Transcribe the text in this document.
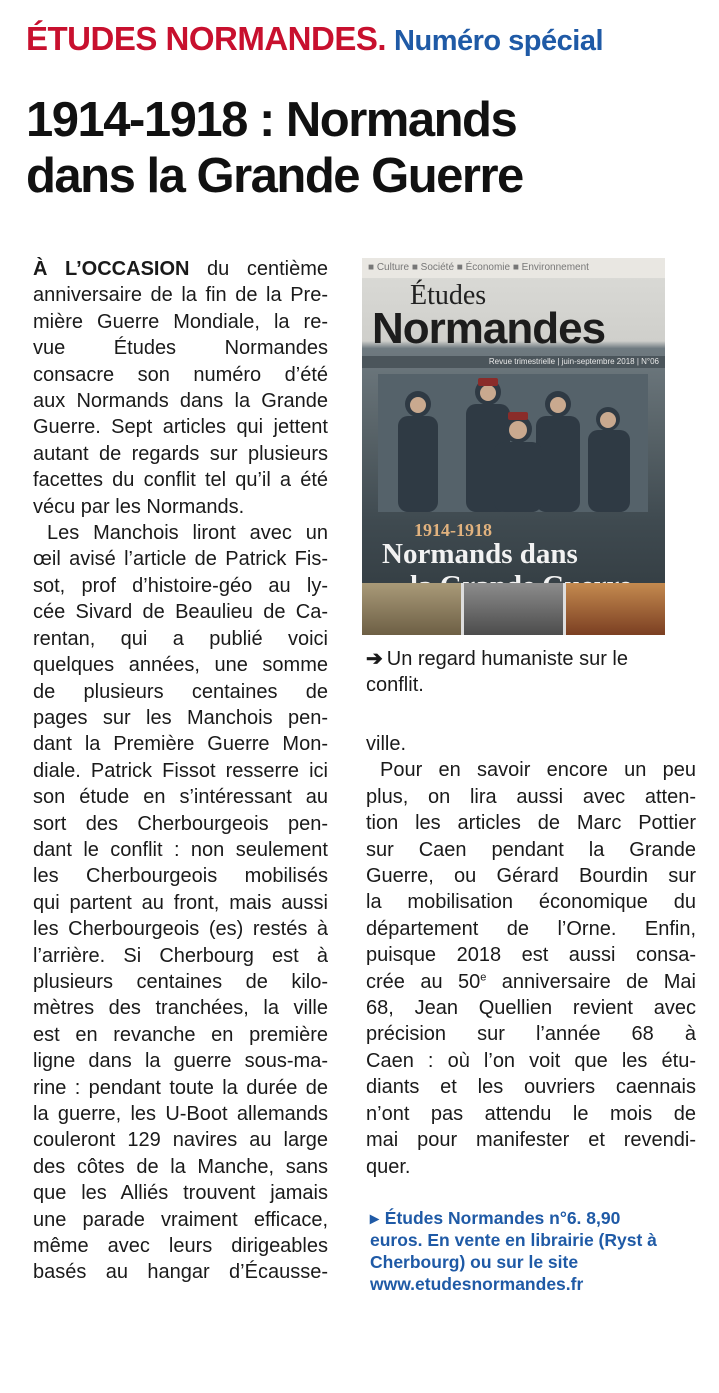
ÉTUDES NORMANDES. Numéro spécial
1914-1918 : Normands
dans la Grande Guerre
À L’OCCASION du centième
anniversaire de la fin de la Pre-
mière Guerre Mondiale, la re-
vue Études Normandes
consacre son numéro d’été
aux Normands dans la Grande
Guerre. Sept articles qui jettent
autant de regards sur plusieurs
facettes du conflit tel qu’il a été
vécu par les Normands.
Les Manchois liront avec un
œil avisé l’article de Patrick Fis-
sot, prof d’histoire-géo au ly-
cée Sivard de Beaulieu de Ca-
rentan, qui a publié voici
quelques années, une somme
de plusieurs centaines de
pages sur les Manchois pen-
dant la Première Guerre Mon-
diale. Patrick Fissot resserre ici
son étude en s’intéressant au
sort des Cherbourgeois pen-
dant le conflit : non seulement
les Cherbourgeois mobilisés
qui partent au front, mais aussi
les Cherbourgeois (es) restés à
l’arrière. Si Cherbourg est à
plusieurs centaines de kilo-
mètres des tranchées, la ville
est en revanche en première
ligne dans la guerre sous-ma-
rine : pendant toute la durée de
la guerre, les U-Boot allemands
couleront 129 navires au large
des côtes de la Manche, sans
que les Alliés trouvent jamais
une parade vraiment efficace,
même avec leurs dirigeables
basés au hangar d’Écausse-
■ Culture ■ Société ■ Économie ■ Environnement
Études
Normandes
Revue trimestrielle | juin-septembre 2018 | N°06
1914-1918
Normands dans

➔ Un regard humaniste sur le conflit.

ville.
Pour en savoir encore un peu
plus, on lira aussi avec atten-
tion les articles de Marc Pottier
sur Caen pendant la Grande
Guerre, ou Gérard Bourdin sur
la mobilisation économique du
département de l’Orne. Enfin,
puisque 2018 est aussi consa-
crée au 50e anniversaire de Mai
68, Jean Quellien revient avec
précision sur l’année 68 à
Caen : où l’on voit que les étu-
diants et les ouvriers caennais
n’ont pas attendu le mois de
mai pour manifester et revendi-
quer.

▸ Études Normandes n°6. 8,90 euros. En vente en librairie (Ryst à Cherbourg) ou sur le site www.etudesnormandes.fr
